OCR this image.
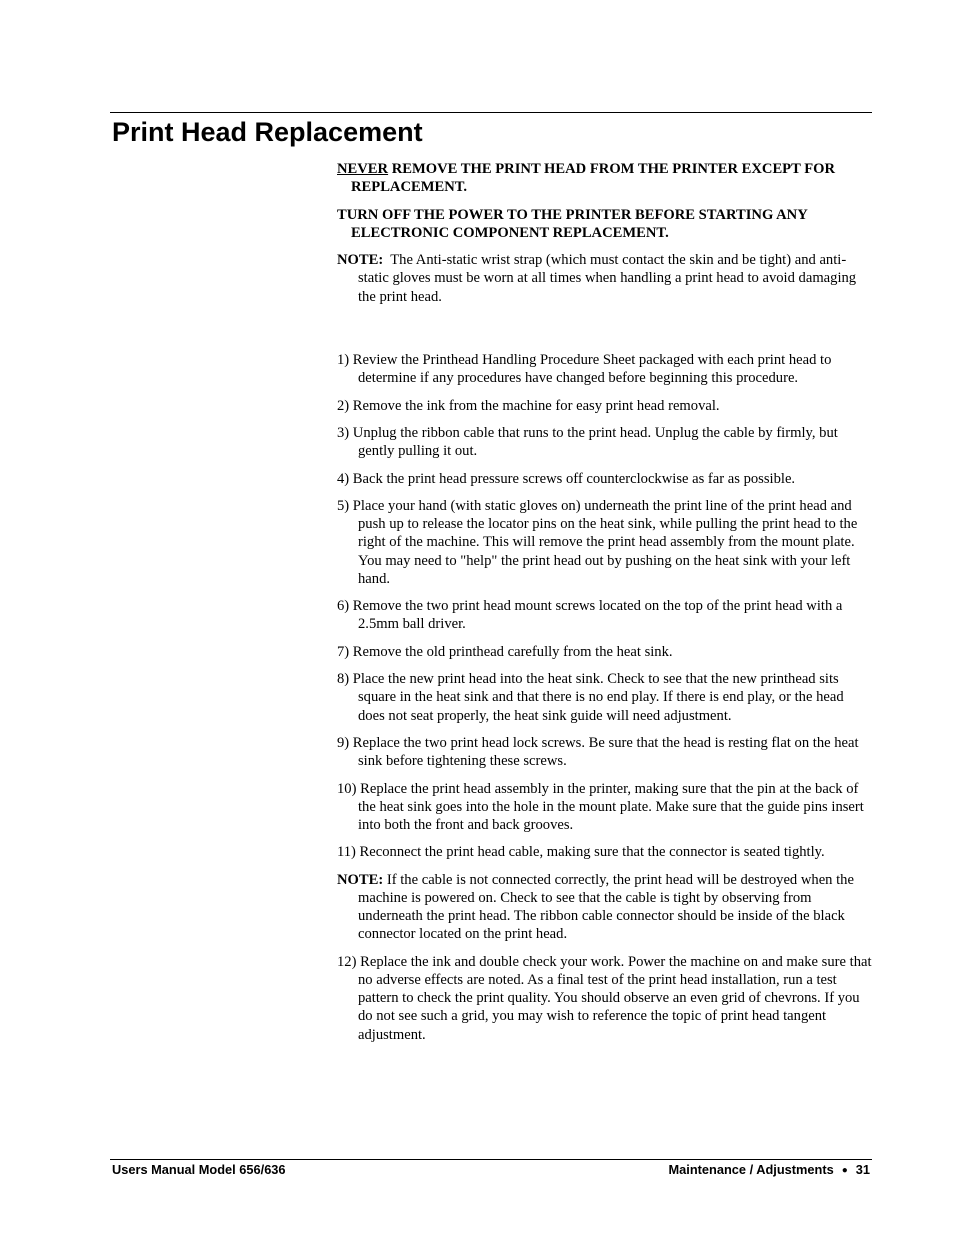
Print Head Replacement

NEVER REMOVE THE PRINT HEAD FROM THE PRINTER EXCEPT FOR REPLACEMENT.

TURN OFF THE POWER TO THE PRINTER BEFORE STARTING ANY ELECTRONIC COMPONENT REPLACEMENT.

NOTE:  The Anti-static wrist strap (which must contact the skin and be tight) and anti-static gloves must be worn at all times when handling a print head to avoid damaging the print head.

1) Review the Printhead Handling Procedure Sheet packaged with each print head to determine if any procedures have changed before beginning this procedure.

2) Remove the ink from the machine for easy print head removal.

3) Unplug the ribbon cable that runs to the print head. Unplug the cable by firmly, but gently pulling it out.

4) Back the print head pressure screws off counterclockwise as far as possible.

5) Place your hand (with static gloves on) underneath the print line of the print head and push up to release the locator pins on the heat sink, while pulling the print head to the right of the machine. This will remove the print head assembly from the mount plate. You may need to "help" the print head out by pushing on the heat sink with your left hand.

6) Remove the two print head mount screws located on the top of the print head with a 2.5mm ball driver.

7) Remove the old printhead carefully from the heat sink.

8) Place the new print head into the heat sink. Check to see that the new printhead sits square in the heat sink and that there is no end play. If there is end play, or the head does not seat properly, the heat sink guide will need adjustment.

9) Replace the two print head lock screws. Be sure that the head is resting flat on the heat sink before tightening these screws.

10) Replace the print head assembly in the printer, making sure that the pin at the back of the heat sink goes into the hole in the mount plate. Make sure that the guide pins insert into both the front and back grooves.

11) Reconnect the print head cable, making sure that the connector is seated tightly.

NOTE: If the cable is not connected correctly, the print head will be destroyed when the machine is powered on. Check to see that the cable is tight by observing from underneath the print head. The ribbon cable connector should be inside of the black connector located on the print head.

12) Replace the ink and double check your work. Power the machine on and make sure that no adverse effects are noted. As a final test of the print head installation, run a test pattern to check the print quality. You should observe an even grid of chevrons. If you do not see such a grid, you may wish to reference the topic of print head tangent adjustment.

Users Manual Model 656/636	Maintenance / Adjustments ● 31
